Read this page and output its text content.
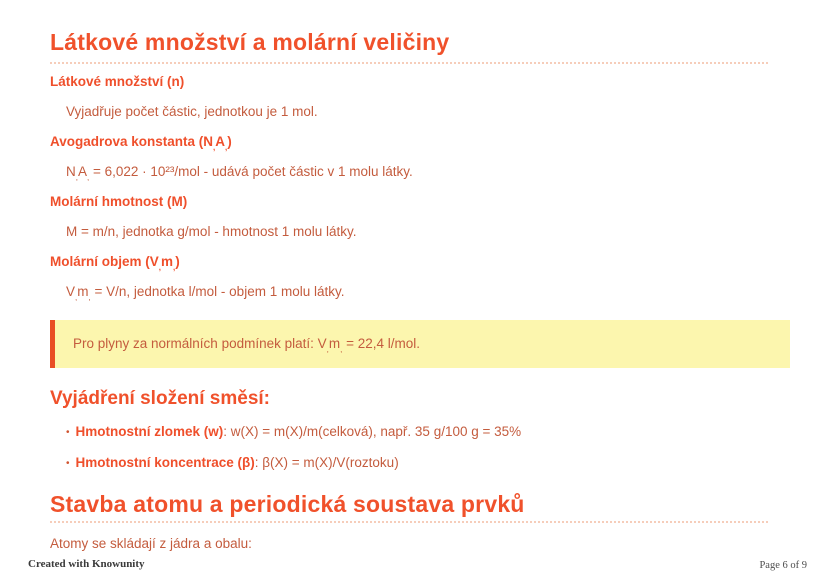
Látkové množství a molární veličiny
Látkové množství (n)
Vyjadřuje počet částic, jednotkou je 1 mol.
Avogadrova konstanta $(N_,A_,)$
$N_,A_, = 6,022 \cdot 10^{23}/mol$ - udává počet částic v 1 molu látky.
Molární hmotnost (M)
M = m/n, jednotka g/mol - hmotnost 1 molu látky.
Molární objem $(V_,m_,)$
$V_,m_, = V/n$, jednotka l/mol - objem 1 molu látky.
Pro plyny za normálních podmínek platí: $V_,m_, = 22,4$ l/mol.
Vyjádření složení směsí:
• Hmotnostní zlomek (w): w(X) = m(X)/m(celková), např. 35 g/100 g = 35%
• Hmotnostní koncentrace (β): β(X) = m(X)/V(roztoku)
Stavba atomu a periodická soustava prvků
Atomy se skládají z jádra a obalu:
Created with Knowunity	Page 6 of 9
